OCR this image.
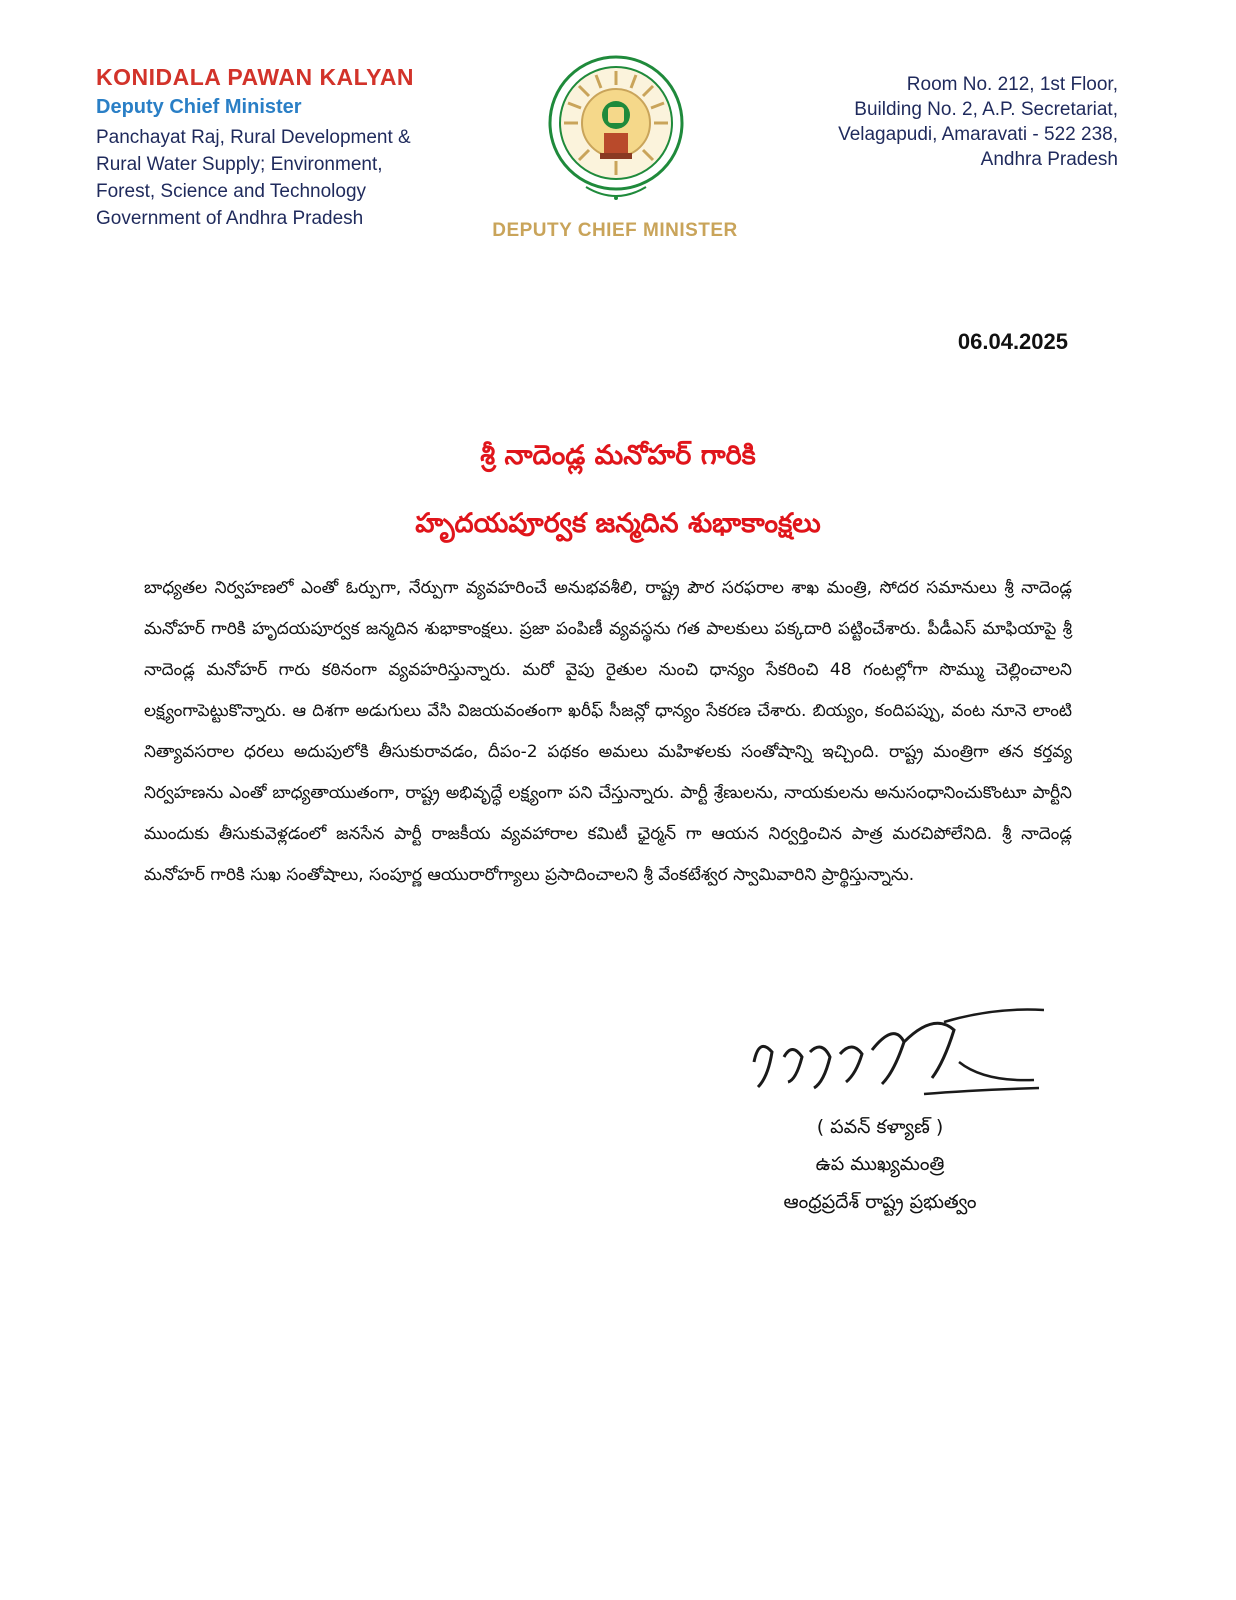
KONIDALA PAWAN KALYAN
Deputy Chief Minister
Panchayat Raj, Rural Development &
Rural Water Supply; Environment,
Forest, Science and Technology
Government of Andhra Pradesh
DEPUTY CHIEF MINISTER
Room No. 212, 1st Floor,
Building No. 2, A.P. Secretariat,
Velagapudi, Amaravati - 522 238,
Andhra Pradesh
06.04.2025
శ్రీ నాదెండ్ల మనోహర్ గారికి
హృదయపూర్వక జన్మదిన శుభాకాంక్షలు

బాధ్యతల నిర్వహణలో ఎంతో ఓర్పుగా, నేర్పుగా వ్యవహరించే అనుభవశీలి, రాష్ట్ర పౌర సరఫరాల శాఖ మంత్రి, సోదర సమానులు శ్రీ నాదెండ్ల మనోహర్ గారికి హృదయపూర్వక జన్మదిన శుభాకాంక్షలు. ప్రజా పంపిణీ వ్యవస్థను గత పాలకులు పక్కదారి పట్టించేశారు. పీడీఎస్ మాఫియాపై శ్రీ నాదెండ్ల మనోహర్ గారు కఠినంగా వ్యవహరిస్తున్నారు. మరో వైపు రైతుల నుంచి ధాన్యం సేకరించి 48 గంటల్లోగా సొమ్ము చెల్లించాలని లక్ష్యంగాపెట్టుకొన్నారు. ఆ దిశగా అడుగులు వేసి విజయవంతంగా ఖరీఫ్ సీజన్లో ధాన్యం సేకరణ చేశారు. బియ్యం, కందిపప్పు, వంట నూనె లాంటి నిత్యావసరాల ధరలు అదుపులోకి తీసుకురావడం, దీపం-2 పథకం అమలు మహిళలకు సంతోషాన్ని ఇచ్చింది. రాష్ట్ర మంత్రిగా తన కర్తవ్య నిర్వహణను ఎంతో బాధ్యతాయుతంగా, రాష్ట్ర అభివృద్ధే లక్ష్యంగా పని చేస్తున్నారు. పార్టీ శ్రేణులను, నాయకులను అనుసంధానించుకొంటూ పార్టీని ముందుకు తీసుకువెళ్లడంలో జనసేన పార్టీ రాజకీయ వ్యవహారాల కమిటీ ఛైర్మన్ గా ఆయన నిర్వర్తించిన పాత్ర మరచిపోలేనిది. శ్రీ నాదెండ్ల మనోహర్ గారికి సుఖ సంతోషాలు, సంపూర్ణ ఆయురారోగ్యాలు ప్రసాదించాలని శ్రీ వేంకటేశ్వర స్వామివారిని ప్రార్థిస్తున్నాను.

( పవన్ కళ్యాణ్ )
ఉప ముఖ్యమంత్రి
ఆంధ్రప్రదేశ్ రాష్ట్ర ప్రభుత్వం
